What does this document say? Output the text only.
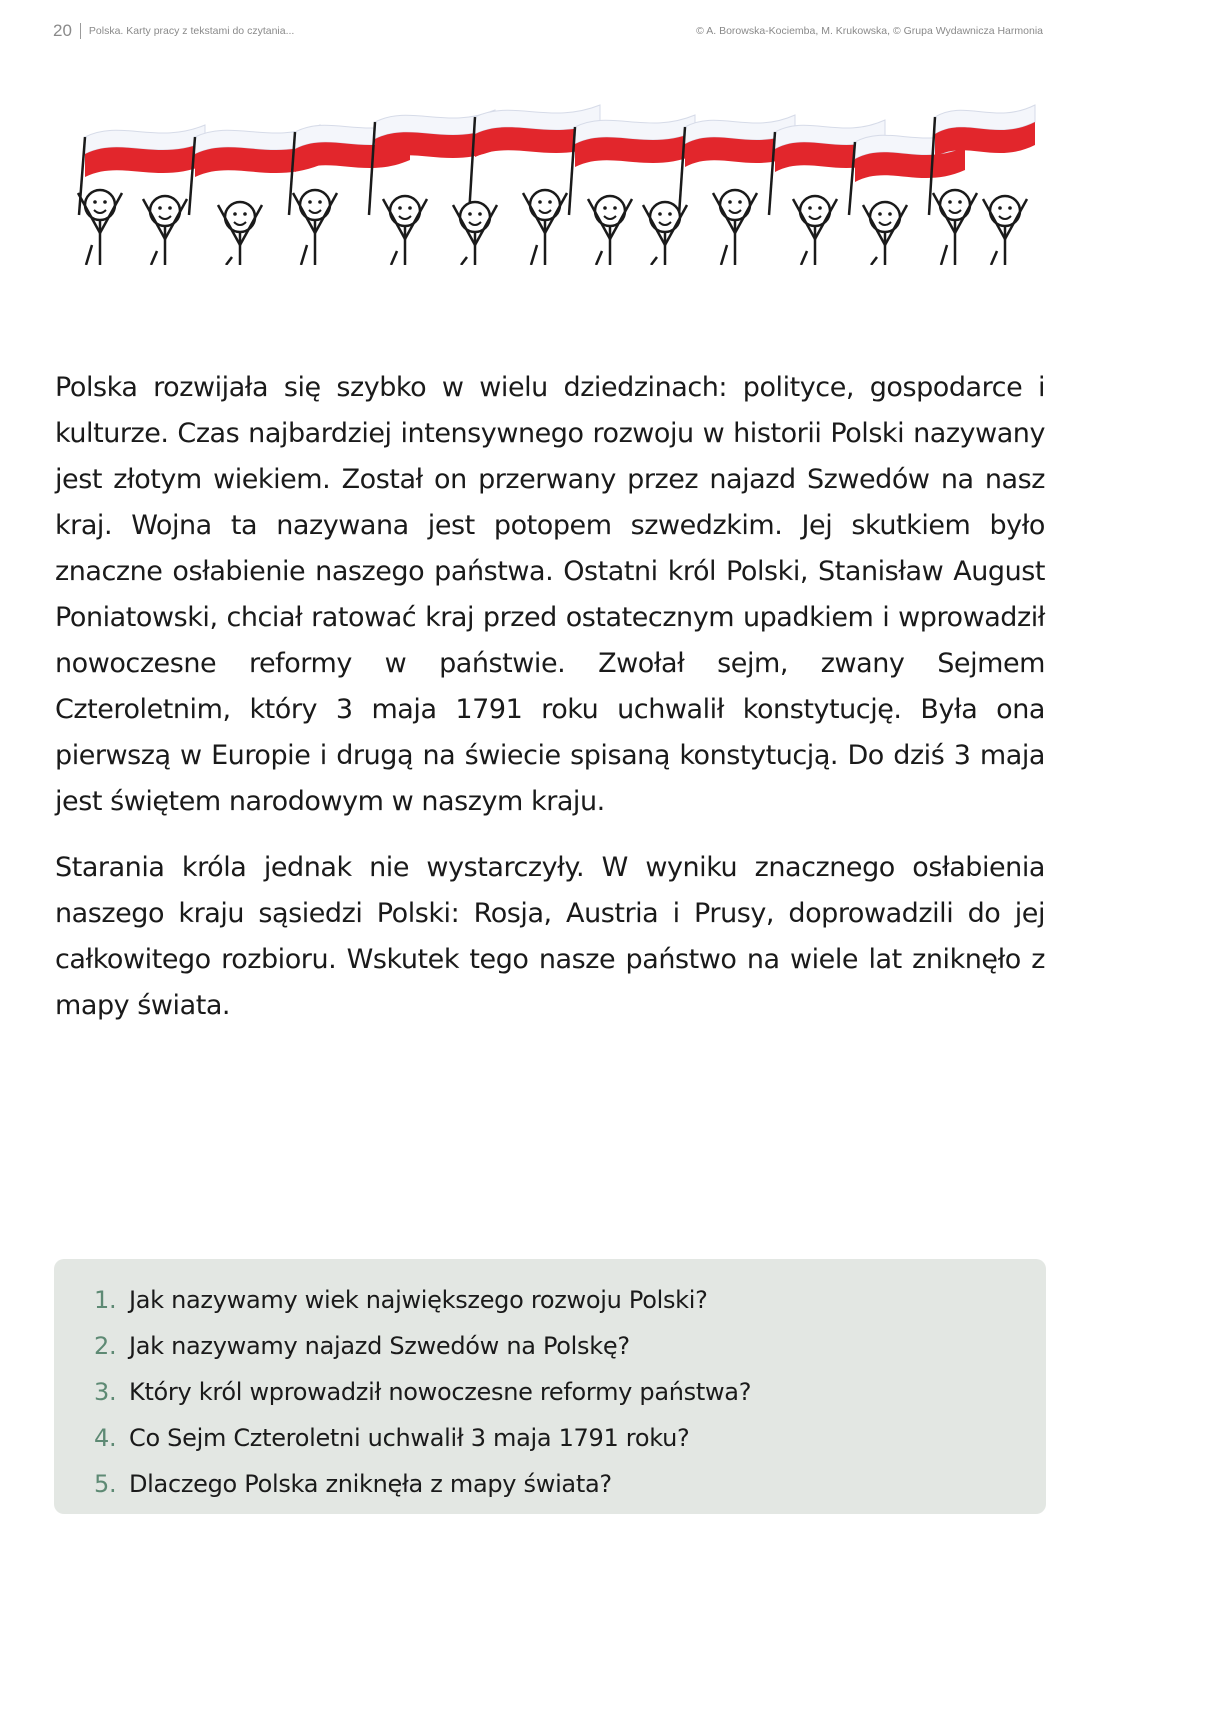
20 Polska. Karty pracy z tekstami do czytania...	© A. Borowska-Kociemba, M. Krukowska, © Grupa Wydawnicza Harmonia

Polska rozwijała się szybko w wielu dziedzinach: polityce, gospodarce i kulturze. Czas najbardziej intensywnego rozwoju w historii Polski nazywany jest złotym wiekiem. Został on przerwany przez najazd Szwedów na nasz kraj. Wojna ta nazywana jest potopem szwedzkim. Jej skutkiem było znaczne osłabienie naszego państwa. Ostatni król Polski, Stanisław August Poniatowski, chciał ratować kraj przed ostatecznym upadkiem i wprowadził nowoczesne reformy w państwie. Zwołał sejm, zwany Sejmem Czteroletnim, który 3 maja 1791 roku uchwalił konstytucję. Była ona pierwszą w Europie i drugą na świecie spisaną konstytucją. Do dziś 3 maja jest świętem narodowym w naszym kraju.

Starania króla jednak nie wystarczyły. W wyniku znacznego osłabienia naszego kraju sąsiedzi Polski: Rosja, Austria i Prusy, doprowadzili do jej całkowitego rozbioru. Wskutek tego nasze państwo na wiele lat zniknęło z mapy świata.

1. Jak nazywamy wiek największego rozwoju Polski?
2. Jak nazywamy najazd Szwedów na Polskę?
3. Który król wprowadził nowoczesne reformy państwa?
4. Co Sejm Czteroletni uchwalił 3 maja 1791 roku?
5. Dlaczego Polska zniknęła z mapy świata?
